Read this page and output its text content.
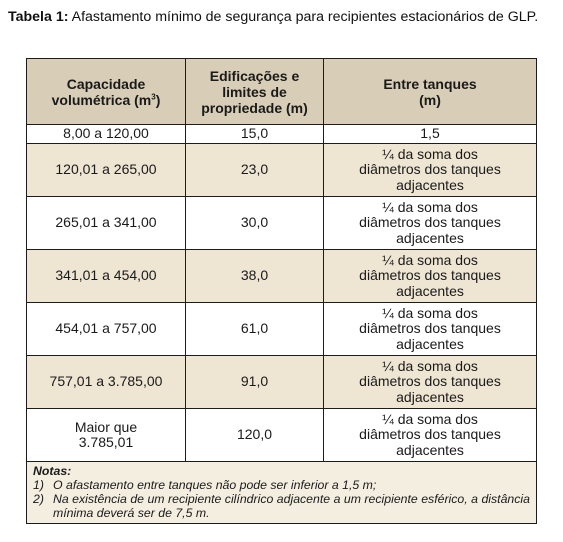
Tabela 1: Afastamento mínimo de segurança para recipientes estacionários de GLP.
Capacidade
volumétrica $(m^3)$	Edificações e limites de propriedade (m)	Entre tanques (m)
8,00 a 120,00	15,0	1,5
120,01 a 265,00	23,0	¼ da soma dos diâmetros dos tanques adjacentes
265,01 a 341,00	30,0	¼ da soma dos diâmetros dos tanques adjacentes
341,01 a 454,00	38,0	¼ da soma dos diâmetros dos tanques adjacentes
454,01 a 757,00	61,0	¼ da soma dos diâmetros dos tanques adjacentes
757,01 a 3.785,00	91,0	¼ da soma dos diâmetros dos tanques adjacentes
Maior que 3.785,01	120,0	¼ da soma dos diâmetros dos tanques adjacentes

Notas:
1) O afastamento entre tanques não pode ser inferior a 1,5 m;
2) Na existência de um recipiente cilíndrico adjacente a um recipiente esférico, a distância mínima deverá ser de 7,5 m.		
